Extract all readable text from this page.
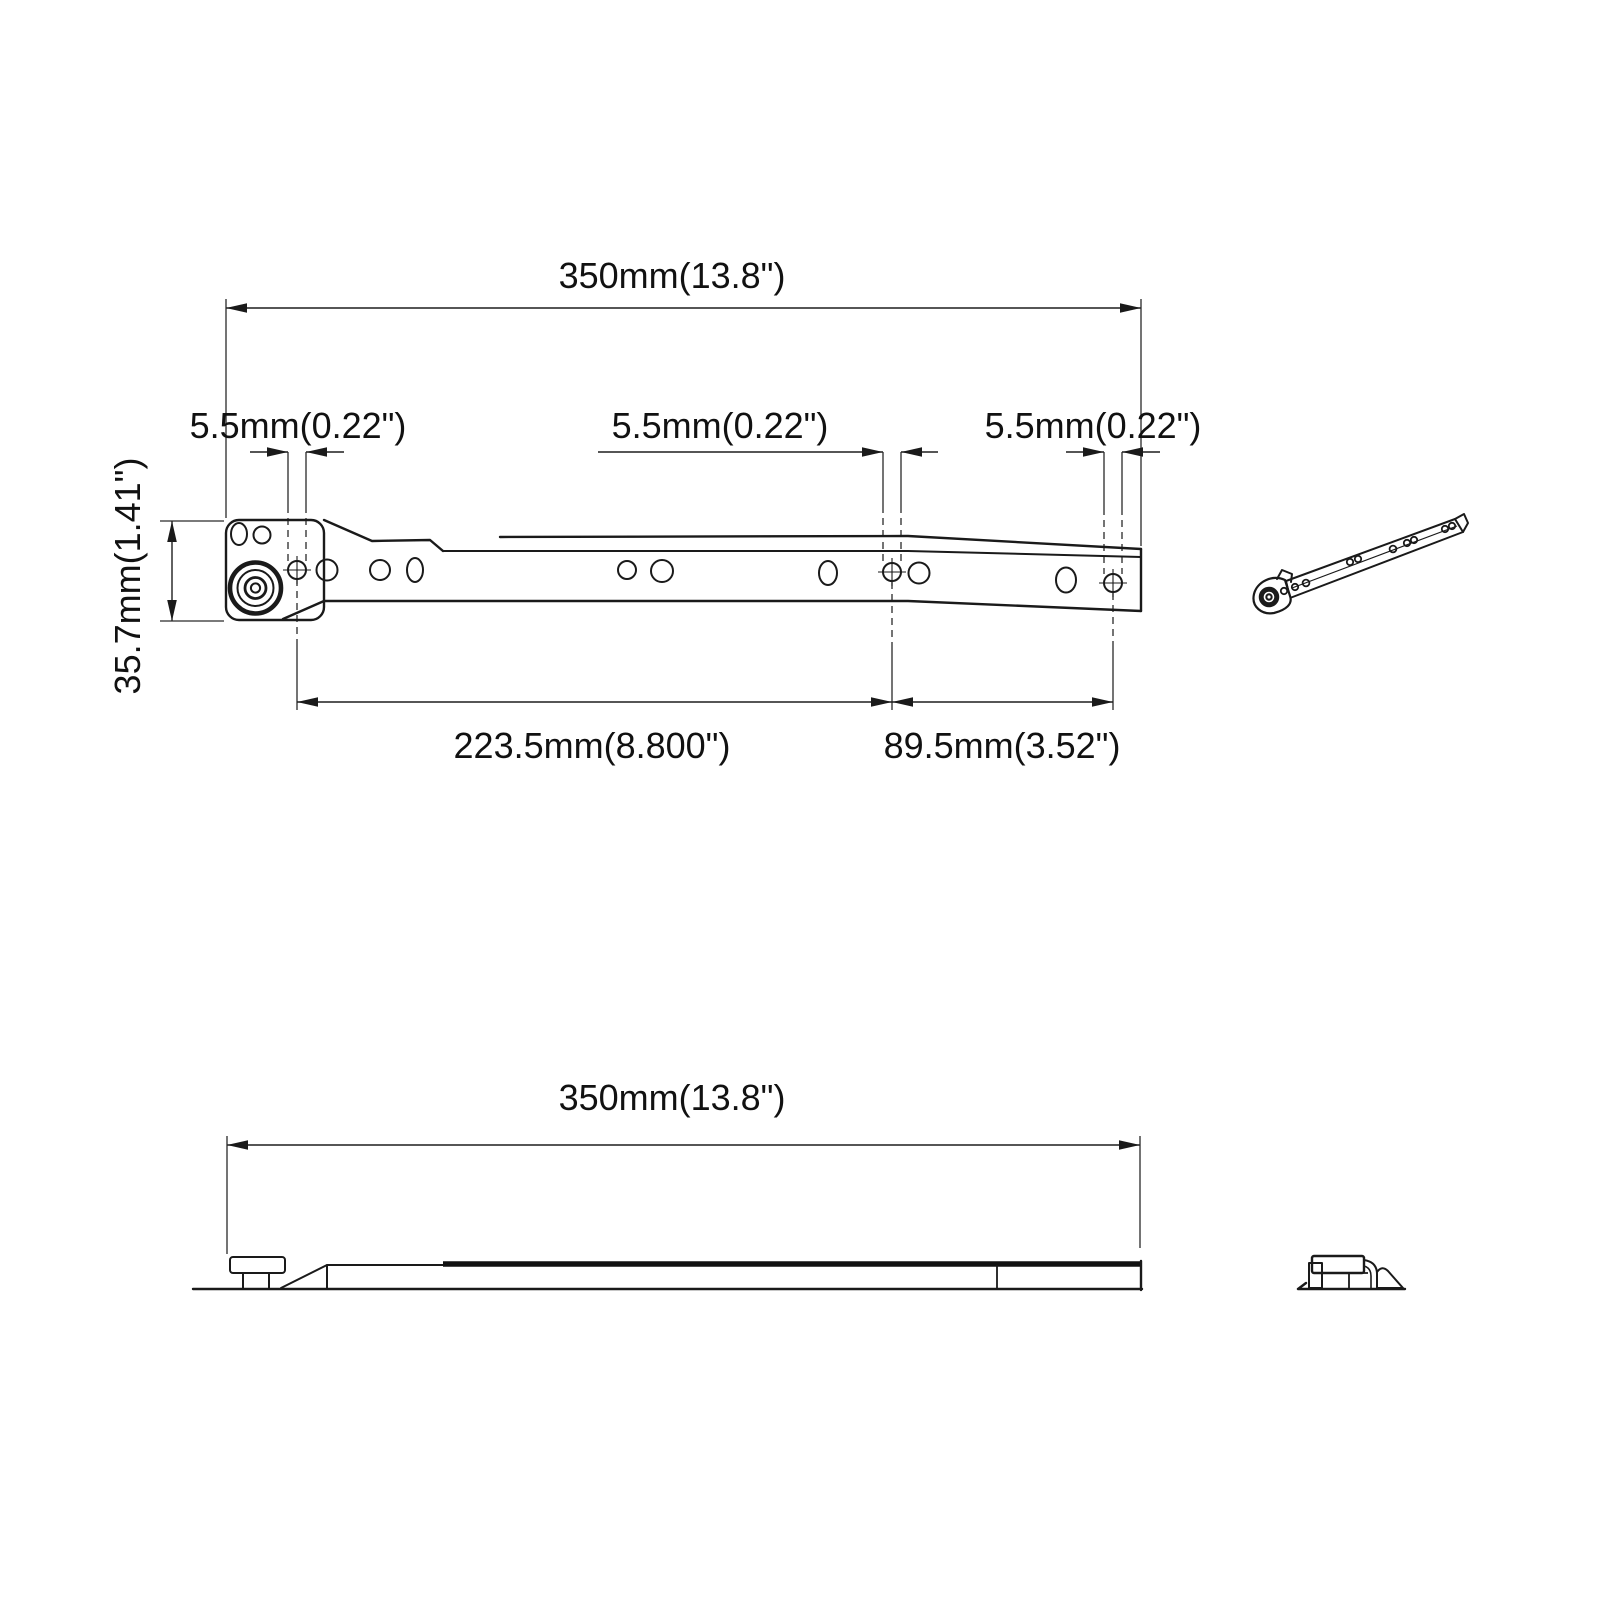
350mm(13.8")
35.7mm(1.41")
5.5mm(0.22")	5.5mm(0.22")	5.5mm(0.22")
223.5mm(8.800")	89.5mm(3.52")
350mm(13.8")
